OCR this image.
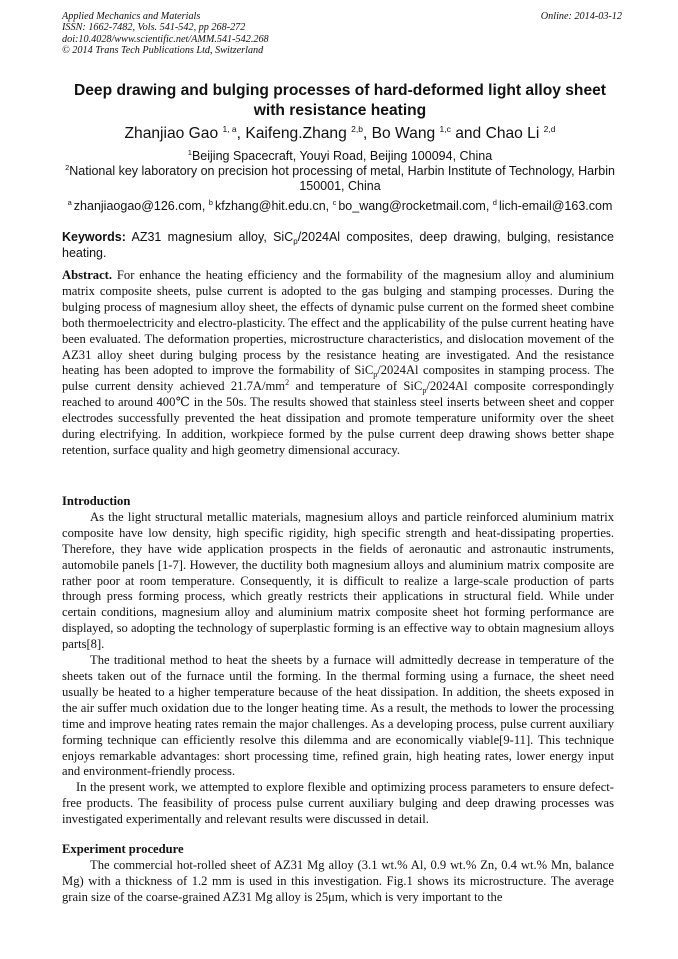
Applied Mechanics and Materials
ISSN: 1662-7482, Vols. 541-542, pp 268-272
doi:10.4028/www.scientific.net/AMM.541-542.268
© 2014 Trans Tech Publications Ltd, Switzerland
Online: 2014-03-12
Deep drawing and bulging processes of hard-deformed light alloy sheet with resistance heating
Zhanjiao Gao $^{1, a}$, Kaifeng.Zhang $^{2,b}$, Bo Wang $^{1,c}$ and Chao Li $^{2,d}$
$^1$Beijing Spacecraft, Youyi Road, Beijing 100094, China
$^2$National key laboratory on precision hot processing of metal, Harbin Institute of Technology, Harbin 150001, China
$^a$ zhanjiaogao@126.com, $^b$ kfzhang@hit.edu.cn, $^c$ bo_wang@rocketmail.com, $^d$ lich-email@163.com
Keywords: AZ31 magnesium alloy, SiC$_p$/2024Al composites, deep drawing, bulging, resistance heating.

Abstract. For enhance the heating efficiency and the formability of the magnesium alloy and aluminium matrix composite sheets, pulse current is adopted to the gas bulging and stamping processes. During the bulging process of magnesium alloy sheet, the effects of dynamic pulse current on the formed sheet combine both thermoelectricity and electro-plasticity. The effect and the applicability of the pulse current heating have been evaluated. The deformation properties, microstructure characteristics, and dislocation movement of the AZ31 alloy sheet during bulging process by the resistance heating are investigated. And the resistance heating has been adopted to improve the formability of SiC$_p$/2024Al composites in stamping process. The pulse current density achieved $21.7A/mm^2$ and temperature of SiC$_p$/2024Al composite correspondingly reached to around 400℃ in the 50s. The results showed that stainless steel inserts between sheet and copper electrodes successfully prevented the heat dissipation and promote temperature uniformity over the sheet during electrifying. In addition, workpiece formed by the pulse current deep drawing shows better shape retention, surface quality and high geometry dimensional accuracy.

Introduction

As the light structural metallic materials, magnesium alloys and particle reinforced aluminium matrix composite have low density, high specific rigidity, high specific strength and heat-dissipating properties. Therefore, they have wide application prospects in the fields of aeronautic and astronautic instruments, automobile panels [1-7]. However, the ductility both magnesium alloys and aluminium matrix composite are rather poor at room temperature. Consequently, it is difficult to realize a large-scale production of parts through press forming process, which greatly restricts their applications in structural field. While under certain conditions, magnesium alloy and aluminium matrix composite sheet hot forming performance are displayed, so adopting the technology of superplastic forming is an effective way to obtain magnesium alloys parts[8].

The traditional method to heat the sheets by a furnace will admittedly decrease in temperature of the sheets taken out of the furnace until the forming. In the thermal forming using a furnace, the sheet need usually be heated to a higher temperature because of the heat dissipation. In addition, the sheets exposed in the air suffer much oxidation due to the longer heating time. As a result, the methods to lower the processing time and improve heating rates remain the major challenges. As a developing process, pulse current auxiliary forming technique can efficiently resolve this dilemma and are economically viable[9-11]. This technique enjoys remarkable advantages: short processing time, refined grain, high heating rates, lower energy input and environment-friendly process.

In the present work, we attempted to explore flexible and optimizing process parameters to ensure defect-free products. The feasibility of process pulse current auxiliary bulging and deep drawing processes was investigated experimentally and relevant results were discussed in detail.

Experiment procedure

The commercial hot-rolled sheet of AZ31 Mg alloy (3.1 wt.% Al, 0.9 wt.% Zn, 0.4 wt.% Mn, balance Mg) with a thickness of 1.2 mm is used in this investigation. Fig.1 shows its microstructure. The average grain size of the coarse-grained AZ31 Mg alloy is 25μm, which is very important to the
